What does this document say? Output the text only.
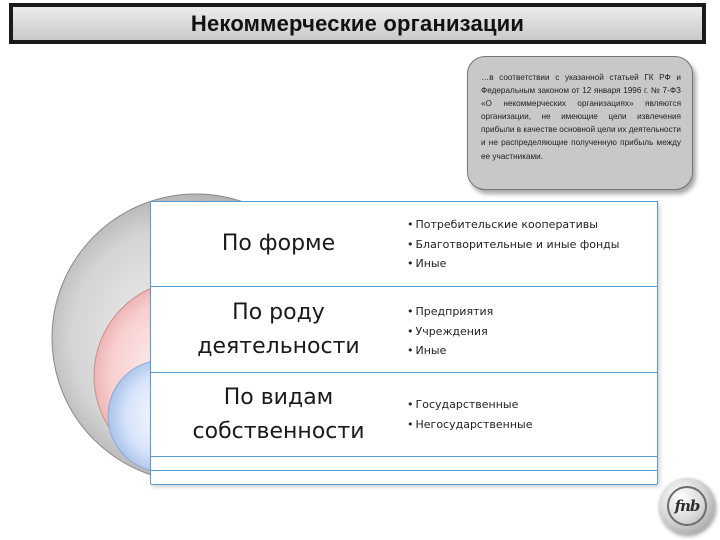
Некоммерческие организации

…в соответствии с указанной статьей ГК РФ и Федеральным законом от 12 января 1996 г. № 7-ФЗ «О некоммерческих организациях» являются организации, не имеющие цели извлечения прибыли в качестве основной цели их деятельности и не распределяющие полученную прибыль между ее участниками.

По форме
• Потребительские кооперативы
• Благотворительные и иные фонды
• Иные
По роду деятельности
• Предприятия
• Учреждения
• Иные
По видам собственности
• Государственные
• Негосударственные
fnb
